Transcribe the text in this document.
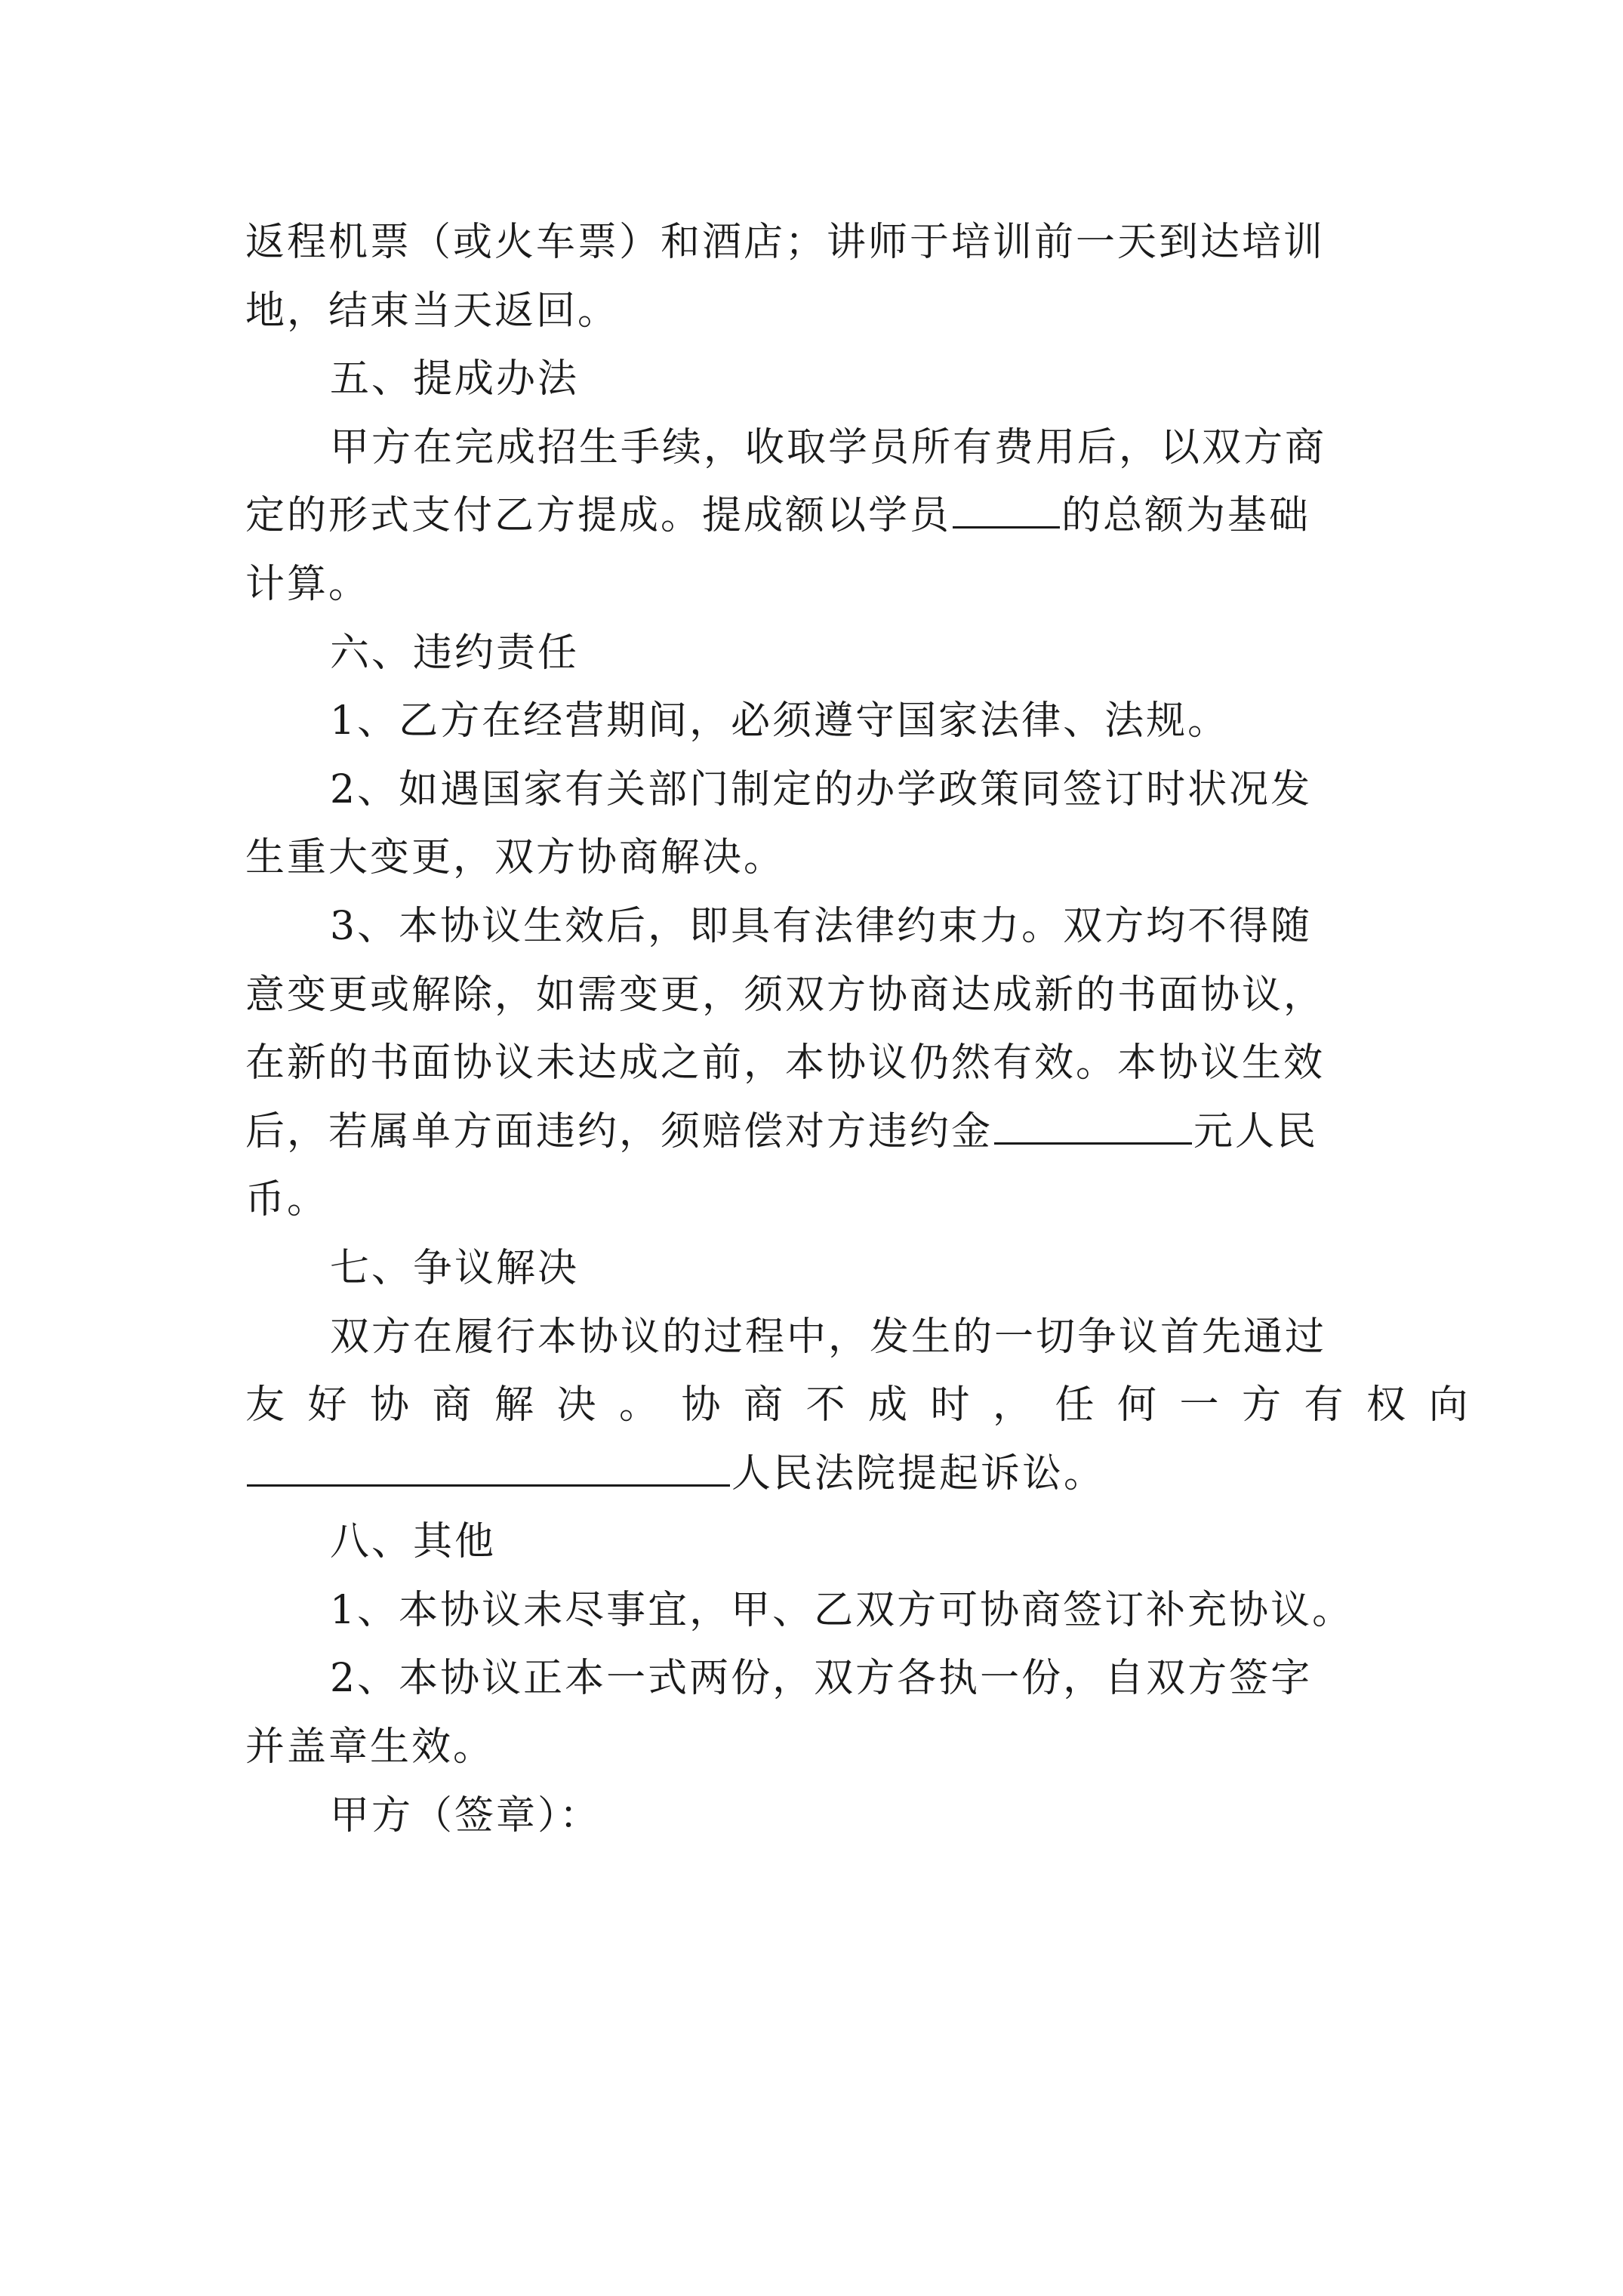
返程机票（或火车票）和酒店；讲师于培训前一天到达培训
地，结束当天返回。
五、提成办法
甲方在完成招生手续，收取学员所有费用后，以双方商
定的形式支付乙方提成。提成额以学员	的总额为基础
计算。
六、违约责任
1、乙方在经营期间，必须遵守国家法律、法规。
2、如遇国家有关部门制定的办学政策同签订时状况发
生重大变更，双方协商解决。
3、本协议生效后，即具有法律约束力。双方均不得随
意变更或解除，如需变更，须双方协商达成新的书面协议，
在新的书面协议未达成之前，本协议仍然有效。本协议生效
后，若属单方面违约，须赔偿对方违约金	元人民
币。
七、争议解决
双方在履行本协议的过程中，发生的一切争议首先通过
友好协商解决。协商不成时，任何一方有权向
人民法院提起诉讼。
八、其他
1、本协议未尽事宜，甲、乙双方可协商签订补充协议。
2、本协议正本一式两份，双方各执一份，自双方签字
并盖章生效。
甲方（签章）：
